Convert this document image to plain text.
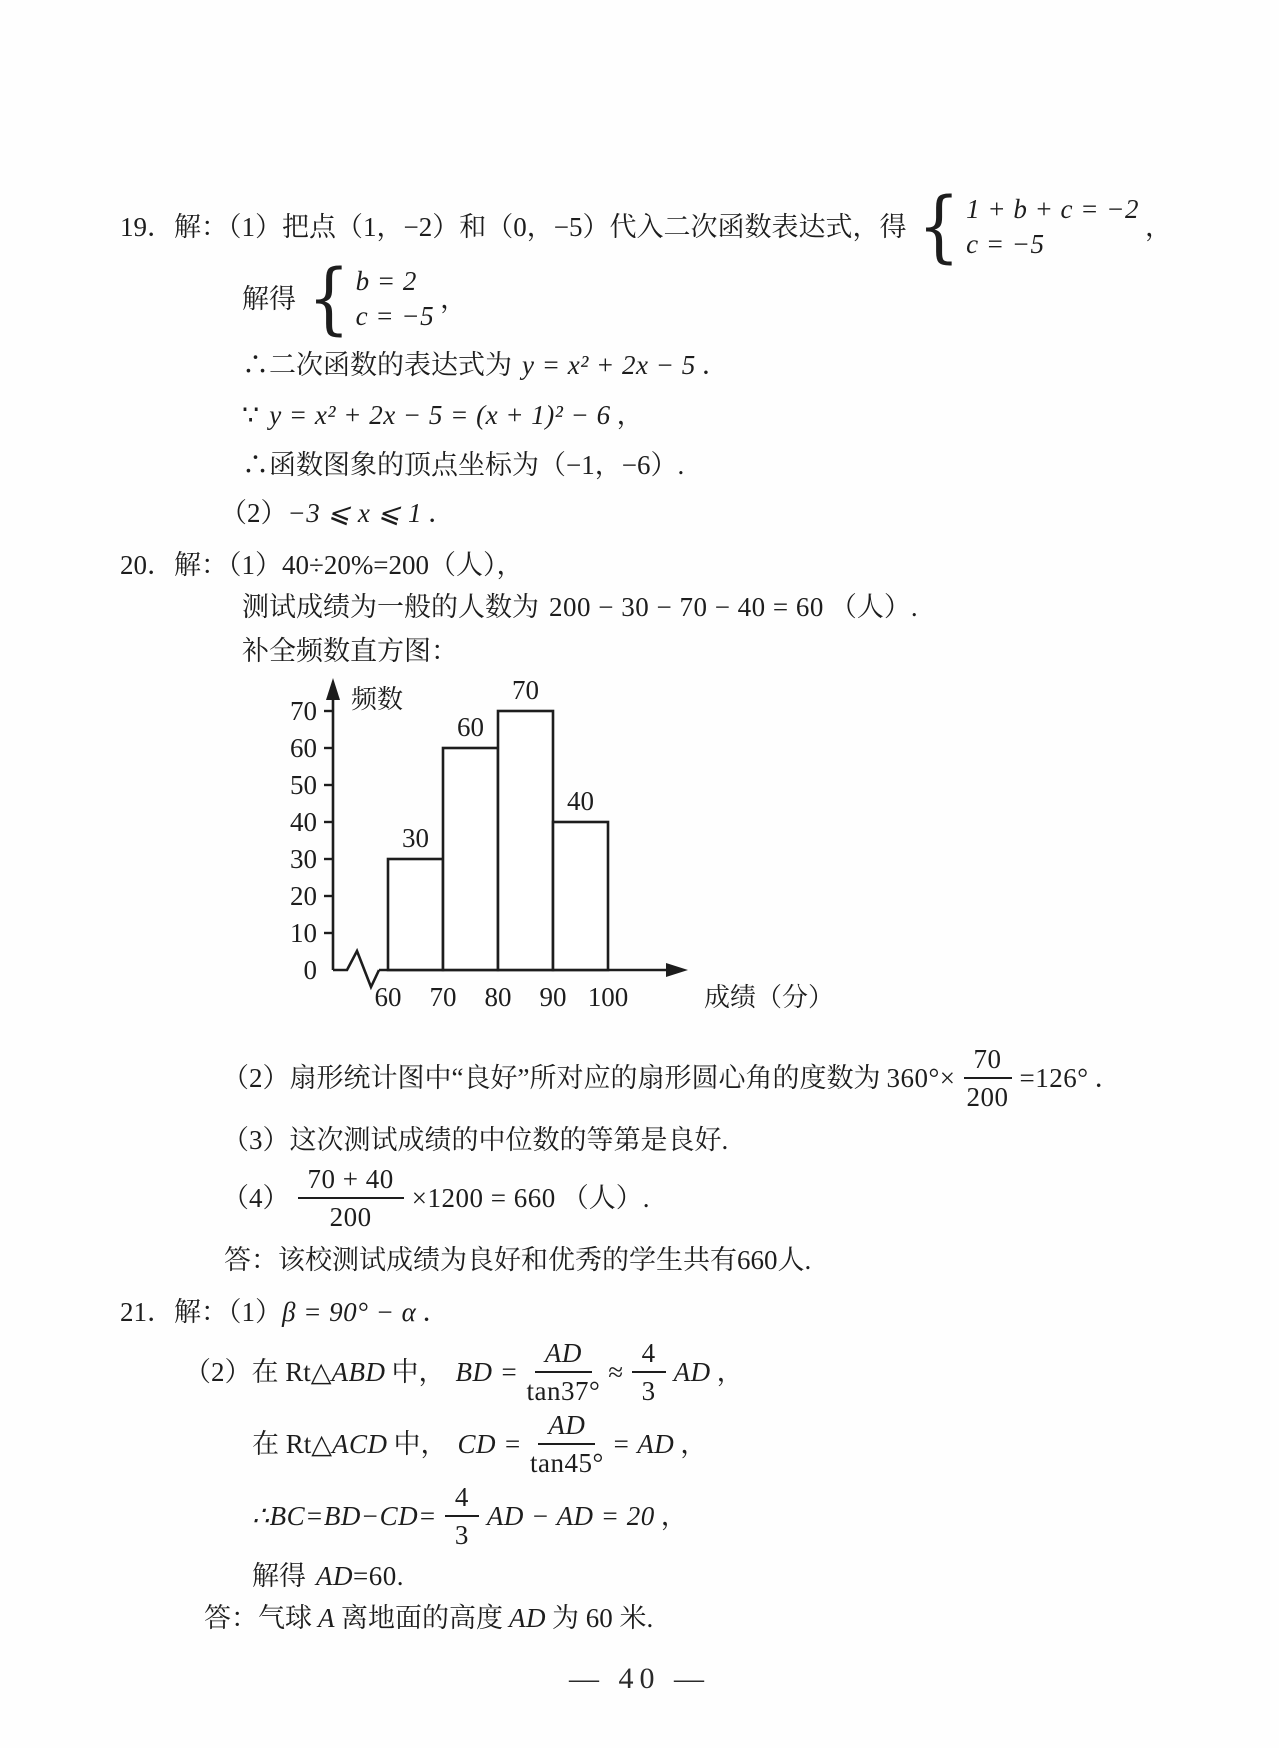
19．解：（1）把点（1，−2）和（0，−5）代入二次函数表达式，得 { 1 + b + c = −2
c = −5
，
解得 { b = 2
c = −5
，
∴二次函数的表达式为 y = x² + 2x − 5 ．
∵ y = x² + 2x − 5 = (x + 1)² − 6 ，
∴函数图象的顶点坐标为（−1，−6）.
（2） −3 ⩽ x ⩽ 1 ．
20．解：（1）40÷20%=200（人），
测试成绩为一般的人数为 200 − 30 − 70 − 40 = 60 （人）.
补全频数直方图：
0
10
20
30
40
50
60
70
30
60
70
40
60 70 80 90 100
频数
成绩（分）
（2）扇形统计图中“良好”所对应的扇形圆心角的度数为 $360^\circ\times \frac{70}{200} =126^\circ$ ．
（3）这次测试成绩的中位数的等第是良好.
$(4) \frac{70 + 40}{200} \times 1200 = 660$ （人）.
答：该校测试成绩为良好和优秀的学生共有660人.
21．解：（1） β = 90° − α ．
（2）在 Rt△ ABD 中， BD = $\frac{AD}{\tan 37^\circ} \approx \frac{4}{3}$ AD ，
在 Rt△ ACD 中， CD = $\frac{AD}{\tan 45^\circ}$ = AD ，
∴BC=BD−CD= $\frac{4}{3}$ AD − AD = 20 ，
解得 AD =60.
答：气球 A 离地面的高度 AD 为 60 米.
— 40 —
